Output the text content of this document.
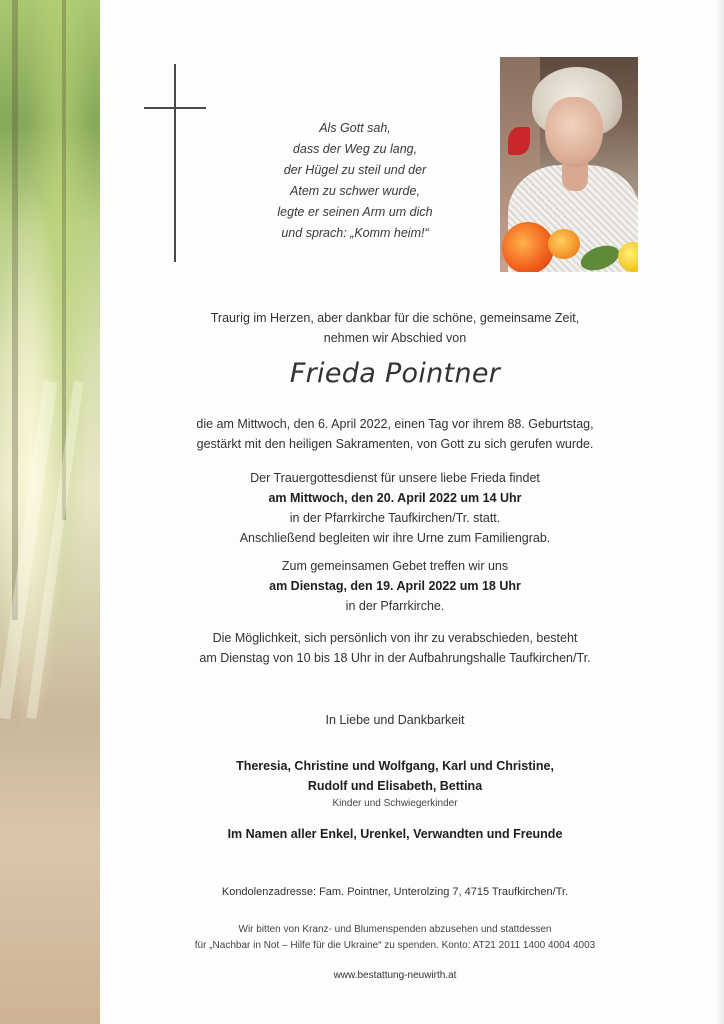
Als Gott sah,
dass der Weg zu lang,
der Hügel zu steil und der
Atem zu schwer wurde,
legte er seinen Arm um dich
und sprach: „Komm heim!“
Traurig im Herzen, aber dankbar für die schöne, gemeinsame Zeit,
nehmen wir Abschied von
Frieda Pointner
die am Mittwoch, den 6. April 2022, einen Tag vor ihrem 88. Geburtstag,
gestärkt mit den heiligen Sakramenten, von Gott zu sich gerufen wurde.
Der Trauergottesdienst für unsere liebe Frieda findet
am Mittwoch, den 20. April 2022 um 14 Uhr
in der Pfarrkirche Taufkirchen/Tr. statt.
Anschließend begleiten wir ihre Urne zum Familiengrab.
Zum gemeinsamen Gebet treffen wir uns
am Dienstag, den 19. April 2022 um 18 Uhr
in der Pfarrkirche.
Die Möglichkeit, sich persönlich von ihr zu verabschieden, besteht
am Dienstag von 10 bis 18 Uhr in der Aufbahrungshalle Taufkirchen/Tr.
In Liebe und Dankbarkeit
Theresia, Christine und Wolfgang, Karl und Christine,
Rudolf und Elisabeth, Bettina
Kinder und Schwiegerkinder
Im Namen aller Enkel, Urenkel, Verwandten und Freunde
Kondolenzadresse: Fam. Pointner, Unterolzing 7, 4715 Traufkirchen/Tr.
Wir bitten von Kranz- und Blumenspenden abzusehen und stattdessen
für „Nachbar in Not – Hilfe für die Ukraine“ zu spenden. Konto: AT21 2011 1400 4004 4003
www.bestattung-neuwirth.at
